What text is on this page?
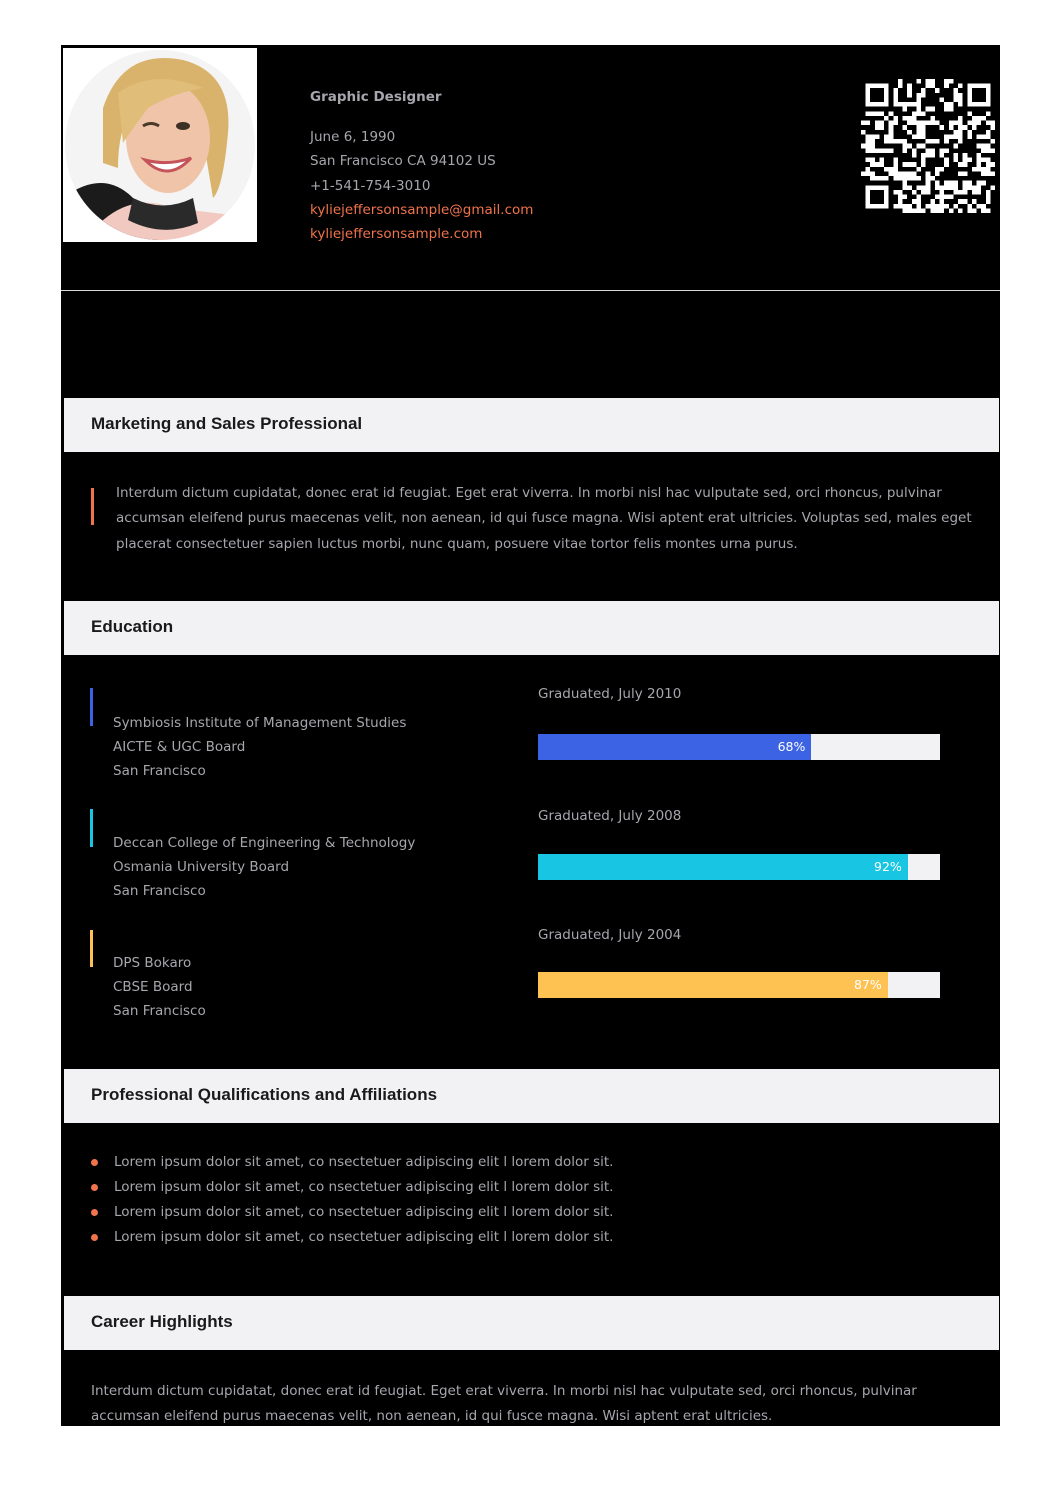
Graphic Designer
June 6, 1990
San Francisco CA 94102 US
+1-541-754-3010
kyliejeffersonsample@gmail.com
kyliejeffersonsample.com
Marketing and Sales Professional
Interdum dictum cupidatat, donec erat id feugiat. Eget erat viverra. In morbi nisl hac vulputate sed, orci rhoncus, pulvinar accumsan eleifend purus maecenas velit, non aenean, id qui fusce magna. Wisi aptent erat ultricies. Voluptas sed, males eget placerat consectetuer sapien luctus morbi, nunc quam, posuere vitae tortor felis montes urna purus.
Education
Symbiosis Institute of Management Studies
AICTE & UGC Board
San Francisco
Graduated, July 2010
68%
Deccan College of Engineering & Technology
Osmania University Board
San Francisco
Graduated, July 2008
92%
DPS Bokaro
CBSE Board
San Francisco
Graduated, July 2004
87%
Professional Qualifications and Affiliations
Lorem ipsum dolor sit amet, co nsectetuer adipiscing elit l lorem dolor sit.
Lorem ipsum dolor sit amet, co nsectetuer adipiscing elit l lorem dolor sit.
Lorem ipsum dolor sit amet, co nsectetuer adipiscing elit l lorem dolor sit.
Lorem ipsum dolor sit amet, co nsectetuer adipiscing elit l lorem dolor sit.
Career Highlights
Interdum dictum cupidatat, donec erat id feugiat. Eget erat viverra. In morbi nisl hac vulputate sed, orci rhoncus, pulvinar accumsan eleifend purus maecenas velit, non aenean, id qui fusce magna. Wisi aptent erat ultricies.
